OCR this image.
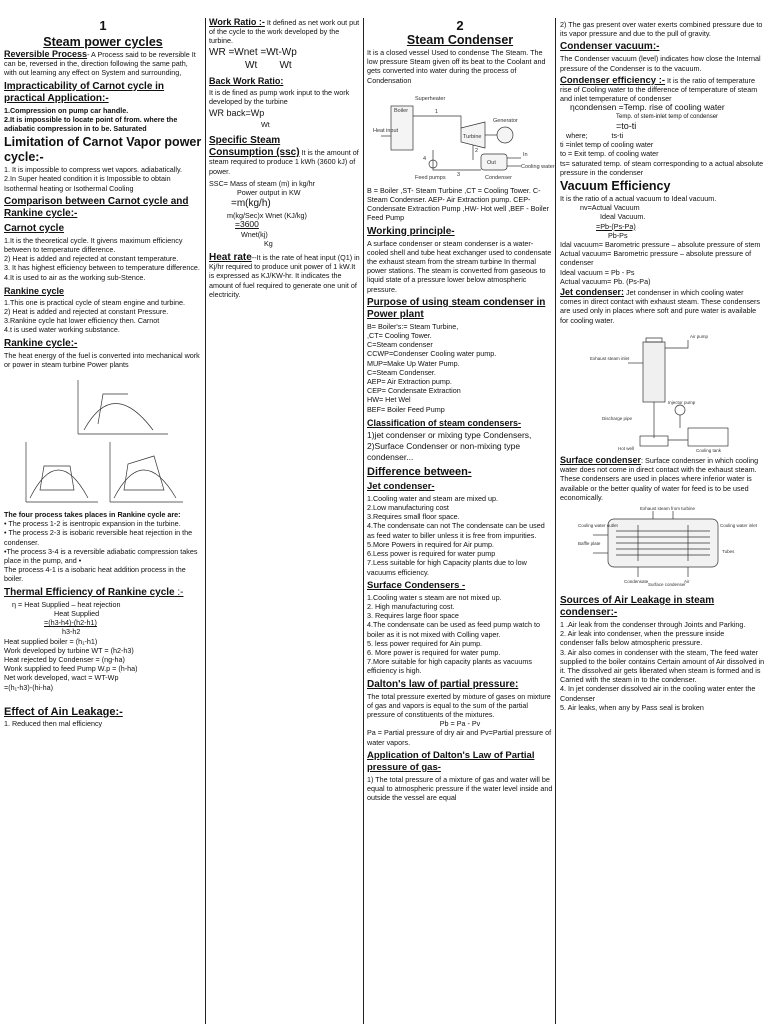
1

Steam power cycles

Reversible Process- A Process said to be reversible It can be, reversed in the, direction following the same path, with out learning any effect on System and surrounding,

Impracticability of Carnot cycle in practical Application:-

1.Compression on pump car handle.

2.It is impossible to locate point of from. where the adiabatic compression in to be. Saturated

Limitation of Carnot Vapor power cycle:-

1. It is impossible to compress wet vapors. adiabatically.

2.In Super heated condition it is Impossible to obtain Isothermal heating or Isothermal Cooling

Comparison between Carnot cycle and Rankine cycle:-

Carnot cycle

1.It is the theoretical cycle. It givens maximum efficiency between to temperature difference.

2) Heat is added and rejected at constant temperature.

3. It has highest efficiency between to temperature difference.

4.It is used to air as the working sub-Stence.

Rankine cycle

1.This one is practical cycle of steam engine and turbine.

2) Heat is added and rejected at constant Pressure.

3.Rankine cycle hat lower efficiency then. Carnot

4.t is used water working substance.

Rankine cycle:-

The heat energy of the fuel is converted into mechanical work or power in steam turbine Power plants

The four process takes places in Rankine cycle are:

• The process 1-2 is isentropic expansion in the turbine.

• The process 2-3 is isobaric reversible heat rejection in the condenser.

•The process 3-4 is a reversible adiabatic compression takes place in the pump, and •

The process 4-1 is a isobaric heat addition process in the boiler.

Thermal Efficiency of Rankine cycle :-

η = Heat Supplied – heat rejection

Heat Supplied

=(h3-h4)-(h2-h1)

h3-h2

Heat supplied boiler = (h₁-h1)

Work developed by turbine WT = (h2-h3)

Heat rejected by Condenser = (ng-ha)

Wonk supplied to feed Pump W.p = (h-ha)

Net work developed, wact = WT-Wp

=(h₁-h3)-(hi-ha)

Effect of Ain Leakage:-

1. Reduced then mal efficiency

Work Ratio :- It defined as net work out put of the cycle to the work developed by the turbine.

WR =Wnet =Wt-Wp

Wt        Wt

Back Work Ratio:

It is de fined as pump work input to the work developed by the turbine

WR back=Wp

Wt

Specific Steam

Consumption (ssc) It is the amount of steam required to produce 1 kWh (3600 kJ) of power.

SSC= Mass of steam (m) in kg/hr

Power output in KW

=m(kg/h)

m(kg/Sec)x Wnet (KJ/kg)

=3600

Wnet(kj)

Kg

Heat rate--It is the rate of heat input (Q1) in Kj/hr required to produce unit power of 1 kW.It is expressed as KJ/KW-hr. It indicates the amount of fuel required to generate one unit of electricity.

2

Steam Condenser

It is a closed vessel Used to condense The Steam. The low pressure Steam given off its beat to the Coolant and gets converted into water during the process of Condensation

Superheater
Boiler
Heat input
Turbine
Generator
In
Out
Cooling water
Condenser
Feed pumps
1
2
3
4

B = Boiler ,ST- Steam Turbine ,CT = Cooling Tower. C- Steam Condenser. AEP- Air Extraction pump. CEP- Condensate Extraction Pump ,HW- Hot well ,BEF - Boiler Feed Pump

Working principle-

A surface condenser or steam condenser is a water-cooled shell and tube heat exchanger used to condensate the exhaust steam from the stream turbine In thermal power stations. The steam is converted from gaseous to liquid state of a pressure lower below atmospheric pressure.

Purpose of using steam condenser in Power plant

B= Boiler's:= Steam Turbine,

,CT= Cooling Tower.

C=Steam condenser

CCWP=Condenser Cooling water pump.

MUP=Make Up Water Pump.

C=Steam Condenser.

AEP= Air Extraction pump.

CEP= Condensate Extraction

HW= Het Wel

BEF= Boiler Feed Pump

Classification of steam condensers-

1)jet condenser or mixing type Condensers,

2)Surface Condenser or non-mixing type condenser...

Difference between-

Jet condenser-

1.Cooling water and steam are mixed up.

2.Low manufacturing cost

3.Requires small floor space.

4.The condensate can not The condensate can be used as feed water to biller unless it is free from impurities.

5.More Powers in required for Air pump.

6.Less power is required for water pump

7.Less suitable for high Capacity plants due to low vacuums efficiency.

Surface Condensers -

1.Cooling water s steam are not mixed up.

2. High manufacturing cost.

3. Requires large floor space

4.The condensate can be used as feed pump watch to boiler as it is not mixed with Colling vaper.

5. less power required for Ain pump.

6. More power is required for water pump.

7.More suitable for high capacity plants as vacuums efficiency is high.

Dalton's law of partial pressure:

The total pressure exerted by mixture of gases on mixture of gas and vapors is equal to the sum of the partial pressure of constituents of the mixtures.

Pb = Pa - Pv

Pa = Partial pressure of dry air and Pv=Partial pressure of water vapors.

Application of Dalton's Law of Partial pressure of gas-

1) The total pressure of a mixture of gas and water will be equal to atmospheric pressure if the water level inside and outside the vessel are equal

2) The gas present over water exerts combined pressure due to its vapor pressure and due to the pull of gravity.

Condenser vacuum:-

The Condenser vacuum (level) indicates how close the Internal pressure of the Condenser is to the vacuum.

Condenser efficiency :- It is the ratio of temperature rise of Cooling water to the difference of temperature of steam and inlet temperature of condenser

ηcondensen =Temp. rise of cooling water

Temp. of stem-inlet temp of condenser

=to-ti

where;            ts-ti

ti =inlet temp of cooling water

to = Exit temp. of cooling water

ts= saturated temp. of steam corresponding to a actual absolute pressure in the condenser

Vacuum Efficiency

It is the ratio of a actual vacuum to Ideal vacuum.

nv=Actual Vacuum

Ideal Vacuum.

=Pb-(Ps-Pa)

Pb-Ps

Idal vacuum= Barometric pressure – absolute pressure of stem

Actual vacuum= Barometric pressure – absolute pressure of condenser

Ideal vacuum = Pb - Ps

Actual vacuum= Pb. (Ps-Pa)

Jet condenser: Jet condenser in which cooling water comes in direct contact with exhaust steam. These condensers are used only in places where soft and pure water is available for cooling water.

Air pump
Exhaust steam inlet
Injector pump
Discharge pipe
Hot well	Cooling tank

Surface condenser: Surface condenser in which cooling water does not come in direct contact with the exhaust steam. These condensers are used in places where inferior water is available or the better quality of water for feed is to be used economically.

Exhaust steam from turbine
Cooling water outlet	Cooling water inlet
Baffle plate
Tubes
Condensate	Air
Surface condenser

Sources of Air Leakage in steam condenser:-

1 .Air leak from the condenser through Joints and Parking.

2. Air leak into condenser, when the pressure inside

condenser falls below atmospheric pressure.

3. Air also comes in condenser with the steam, The feed water supplied to the boiler contains Certain amount of Air dissolved in it. The dissolved air gets liberated when steam is formed and is Carried with the steam in to the condenser.

4. In jet condenser dissolved air in the cooling water enter the Condenser

5. Air leaks, when any by Pass seal is broken
